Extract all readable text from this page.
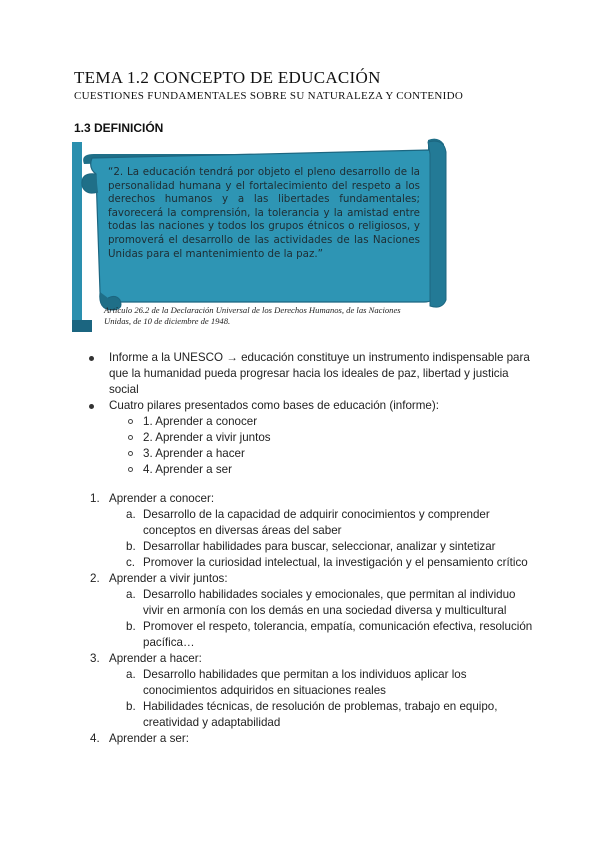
TEMA 1.2 CONCEPTO DE EDUCACIÓN
CUESTIONES FUNDAMENTALES SOBRE SU NATURALEZA Y CONTENIDO
1.3 DEFINICIÓN
“2. La educación tendrá por objeto el pleno desarrollo de la personalidad humana y el fortalecimiento del respeto a los derechos humanos y a las libertades fundamentales; favorecerá la comprensión, la tolerancia y la amistad entre todas las naciones y todos los grupos étnicos o religiosos, y promoverá el desarrollo de las actividades de las Naciones Unidas para el mantenimiento de la paz.”
Artículo 26.2 de la Declaración Universal de los Derechos Humanos, de las Naciones Unidas, de 10 de diciembre de 1948.
Informe a la UNESCO → educación constituye un instrumento indispensable para que la humanidad pueda progresar hacia los ideales de paz, libertad y justicia social
Cuatro pilares presentados como bases de educación (informe):
1. Aprender a conocer
2. Aprender a vivir juntos
3. Aprender a hacer
4. Aprender a ser
1. Aprender a conocer:
a. Desarrollo de la capacidad de adquirir conocimientos y comprender conceptos en diversas áreas del saber
b. Desarrollar habilidades para buscar, seleccionar, analizar y sintetizar
c. Promover la curiosidad intelectual, la investigación y el pensamiento crítico
2. Aprender a vivir juntos:
a. Desarrollo habilidades sociales y emocionales, que permitan al individuo vivir en armonía con los demás en una sociedad diversa y multicultural
b. Promover el respeto, tolerancia, empatía, comunicación efectiva, resolución pacífica…
3. Aprender a hacer:
a. Desarrollo habilidades que permitan a los individuos aplicar los conocimientos adquiridos en situaciones reales
b. Habilidades técnicas, de resolución de problemas, trabajo en equipo, creatividad y adaptabilidad
4. Aprender a ser:
